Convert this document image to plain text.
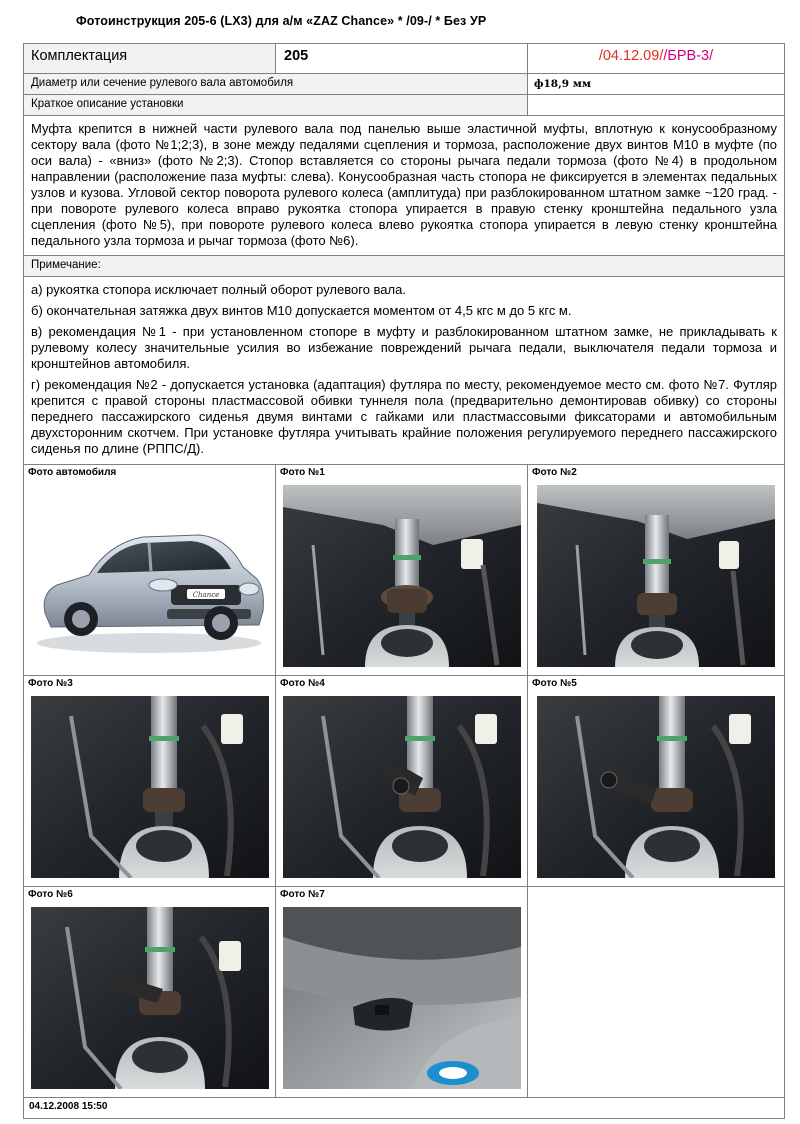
Фотоинструкция 205-6 (LX3) для а/м «ZAZ Chance» * /09-/ * Без УР
Комплектация	205	/04.12.09//БРВ-3/
Диаметр или сечение рулевого вала автомобиля		ф18,9 мм
Краткое описание установки		
Муфта крепится в нижней части рулевого вала под панелью выше эластичной муфты, вплотную к конусообразному сектору вала (фото №1;2;3), в зоне между педалями сцепления и тормоза, расположение двух винтов М10 в муфте (по оси вала) - «вниз» (фото №2;3). Стопор вставляется со стороны рычага педали тормоза (фото №4) в продольном направлении (расположение паза муфты: слева). Конусообразная часть стопора не фиксируется в элементах педальных узлов и кузова. Угловой сектор поворота рулевого колеса (амплитуда) при разблокированном штатном замке ~120 град. - при повороте рулевого колеса вправо рукоятка стопора упирается в правую стенку кронштейна педального узла сцепления (фото №5), при повороте рулевого колеса влево рукоятка стопора упирается в левую стенку кронштейна педального узла тормоза и рычаг тормоза (фото №6).		
Примечание:		

а) рукоятка стопора исключает полный оборот рулевого вала.

б) окончательная затяжка двух винтов М10 допускается моментом от 4,5 кгс м до 5 кгс м.

в) рекомендация №1 - при установленном стопоре в муфту и разблокированном штатном замке, не прикладывать к рулевому колесу значительные усилия во избежание повреждений рычага педали, выключателя педали тормоза и кронштейнов автомобиля.

г) рекомендация №2 - допускается установка (адаптация) футляра по месту, рекомендуемое место см. фото №7. Футляр крепится с правой стороны пластмассовой обивки туннеля пола (предварительно демонтировав обивку) со стороны переднего пассажирского сиденья двумя винтами с гайками или пластмассовыми фиксаторами и автомобильным двухсторонним скотчем. При установке футляра учитывать крайние положения регулируемого переднего пассажирского сиденья по длине (РППС/Д).		

Фото автомобиля
Chance	Фото №1	Фото №2

Фото №3	Фото №4	Фото №5

Фото №6	Фото №7	

04.12.2008 15:50		
